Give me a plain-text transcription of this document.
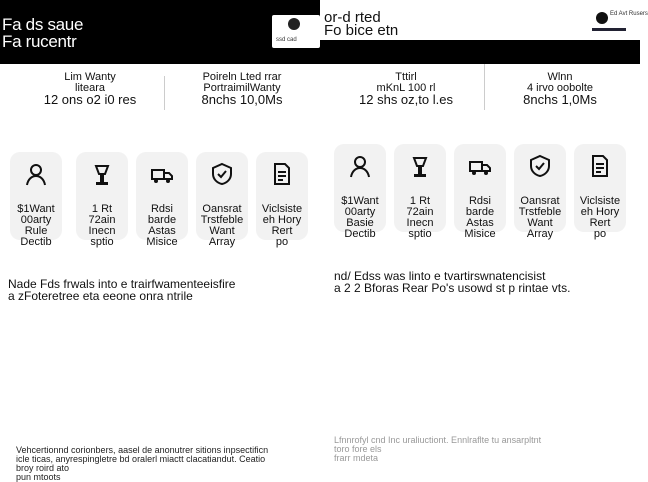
Fa ds saue
Fa rucentr	ssd cad
or-d rted
Fo bice etn
Ed Avt Rusers
Lim Wanty
liteara
12 ons o2 i0 res
Poireln Lted rrar
PortraimilWanty
8nchs 10,0Ms
Tttirl
mKnL 100 rl
12 shs oz,to l.es
Wlnn
4 irvo oobolte
8nchs 1,0Ms
$1Want
00arty
Rule
Dectib
1 Rt
72ain
Inecn
sptio
Rdsi
barde
Astas
Misice
Oansrat
Trstfeble
Want
Array
Viclsiste
eh Hory
Rert
po
$1Want
00arty
Basie
Dectib
1 Rt
72ain
Inecn
sptio
Rdsi
barde
Astas
Misice
Oansrat
Trstfeble
Want
Array
Viclsiste
eh Hory
Rert
po
Nade Fds frwals into e trairfwamenteeisfire
a zFoteretree eta eeone onra ntrile
nd/ Edss was linto e tvartirswnatencisist
a 2 2 Bforas Rear Po's usowd st p rintae vts.
Vehcertionnd corionbers, aasel de anonutrer sitions inpsectificn
icle ticas, anyrespingletre bd oralerl miactt clacatiandut. Ceatio
broy roird ato
pun mtoots
Lfnnrofyl cnd Inc uraliuctiont. Ennlraflte tu ansarpltnt
toro fore els
frarr mdeta
